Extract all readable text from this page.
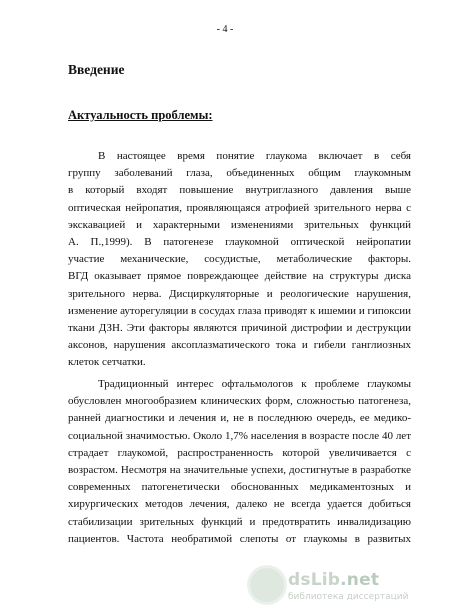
- 4 -
Введение
Актуальность проблемы:
В настоящее время понятие глаукома включает в себя
группу заболеваний глаза, объединенных общим глаукомным
в который входят повышение внутриглазного давления выше
оптическая нейропатия, проявляющаяся атрофией зрительного нерва с
экскавацией и характерными изменениями зрительных функций
А. П.,1999). В патогенезе глаукомной оптической нейропатии
участие механические, сосудистые, метаболические факторы.
ВГД оказывает прямое повреждающее действие на структуры диска
зрительного нерва. Дисциркуляторные и реологические нарушения,
изменение ауторегуляции в сосудах глаза приводят к ишемии и гипоксии
ткани ДЗН. Эти факторы являются причиной дистрофии и деструкции
аксонов, нарушения аксоплазматического тока и гибели ганглиозных
клеток сетчатки.
Традиционный интерес офтальмологов к проблеме глаукомы
обусловлен многообразием клинических форм, сложностью патогенеза,
ранней диагностики и лечения и, не в последнюю очередь, ее медико-
социальной значимостью. Около 1,7% населения в возрасте после 40 лет
страдает глаукомой, распространенность которой увеличивается с
возрастом. Несмотря на значительные успехи, достигнутые в разработке
современных патогенетически обоснованных медикаментозных и
хирургических методов лечения, далеко не всегда удается добиться
стабилизации зрительных функций и предотвратить инвалидизацию
пациентов. Частота необратимой слепоты от глаукомы в развитых
dsLib.net
библиотека диссертаций
